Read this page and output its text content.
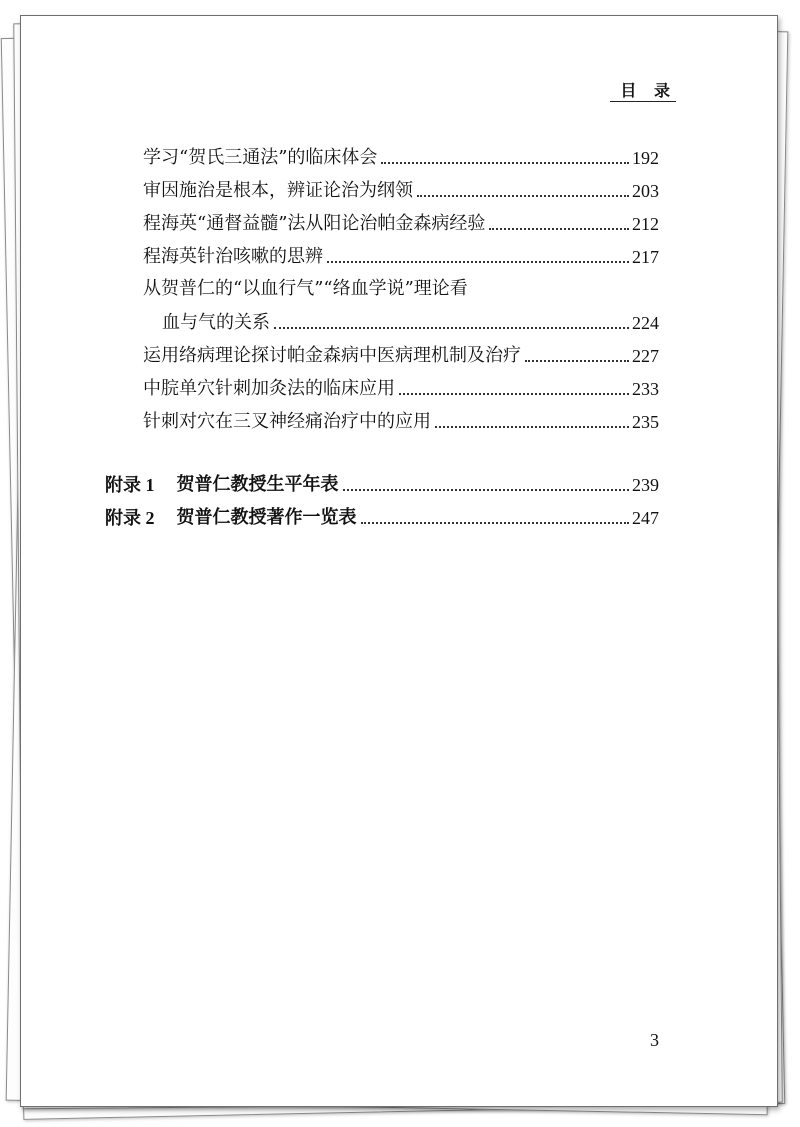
目 录
学习“贺氏三通法”的临床体会	192
审因施治是根本，辨证论治为纲领	203
程海英“通督益髓”法从阳论治帕金森病经验	212
程海英针治咳嗽的思辨	217
从贺普仁的“以血行气”“络血学说”理论看
血与气的关系	224
运用络病理论探讨帕金森病中医病理机制及治疗	227
中脘单穴针刺加灸法的临床应用	233
针刺对穴在三叉神经痛治疗中的应用	235
附录 1 贺普仁教授生平年表	239
附录 2 贺普仁教授著作一览表	247
3
